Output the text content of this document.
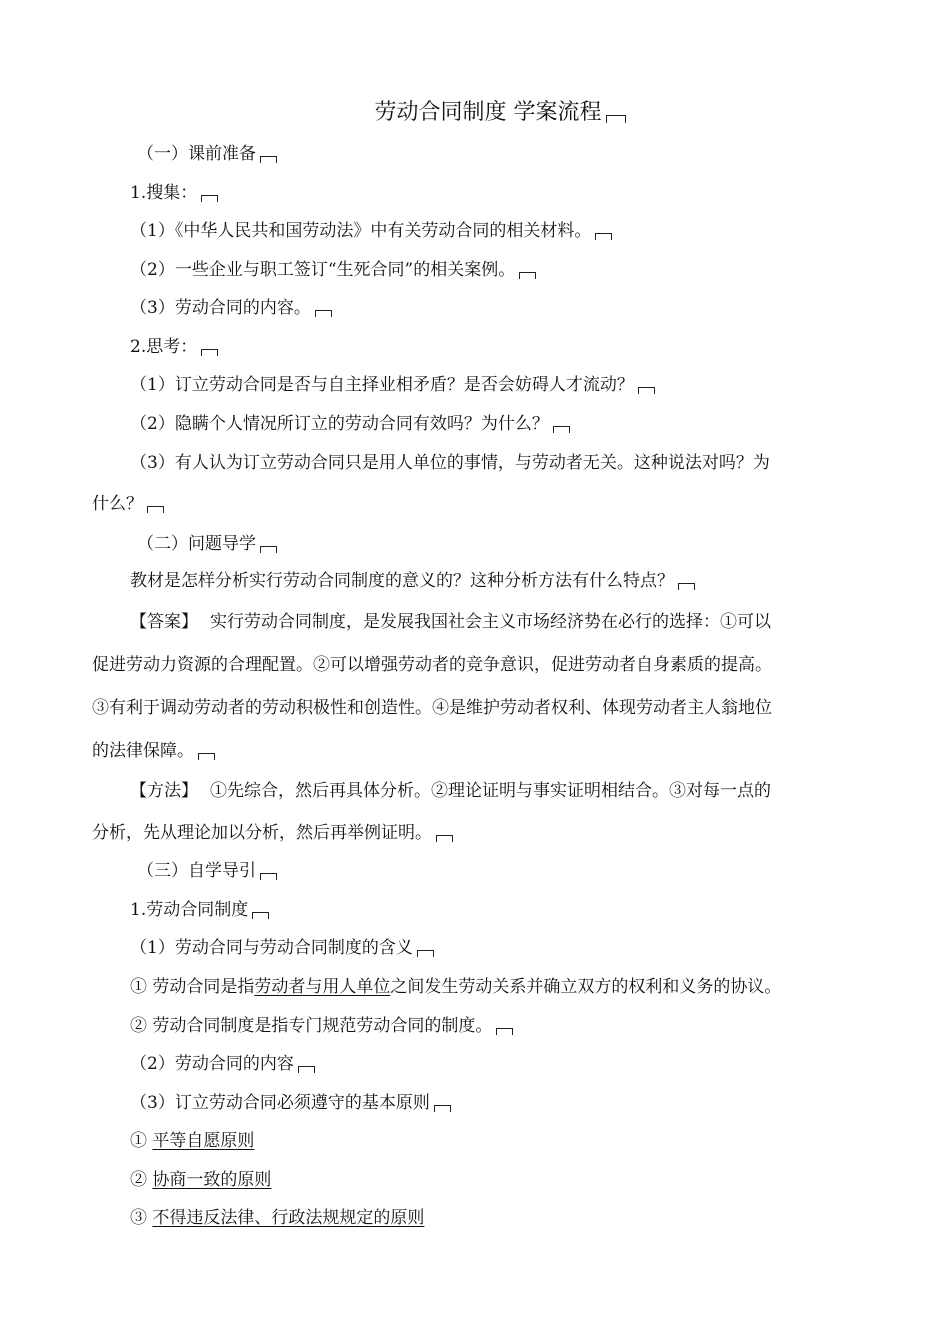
劳动合同制度 学案流程
（一）课前准备
1.搜集：
（1）《中华人民共和国劳动法》中有关劳动合同的相关材料。
（2）一些企业与职工签订“生死合同”的相关案例。
（3）劳动合同的内容。
2.思考：
（1）订立劳动合同是否与自主择业相矛盾？是否会妨碍人才流动？
（2）隐瞒个人情况所订立的劳动合同有效吗？为什么？
（3）有人认为订立劳动合同只是用人单位的事情，与劳动者无关。这种说法对吗？为
什么？
（二）问题导学
教材是怎样分析实行劳动合同制度的意义的？这种分析方法有什么特点？
【答案】 实行劳动合同制度，是发展我国社会主义市场经济势在必行的选择：①可以
促进劳动力资源的合理配置。②可以增强劳动者的竞争意识，促进劳动者自身素质的提高。
③有利于调动劳动者的劳动积极性和创造性。④是维护劳动者权利、体现劳动者主人翁地位
的法律保障。
【方法】 ①先综合，然后再具体分析。②理论证明与事实证明相结合。③对每一点的
分析，先从理论加以分析，然后再举例证明。
（三）自学导引
1.劳动合同制度
（1）劳动合同与劳动合同制度的含义
① 劳动合同是指劳动者与用人单位之间发生劳动关系并确立双方的权利和义务的协议。
② 劳动合同制度是指专门规范劳动合同的制度。
（2）劳动合同的内容
（3）订立劳动合同必须遵守的基本原则
① 平等自愿原则
② 协商一致的原则
③ 不得违反法律、行政法规规定的原则
